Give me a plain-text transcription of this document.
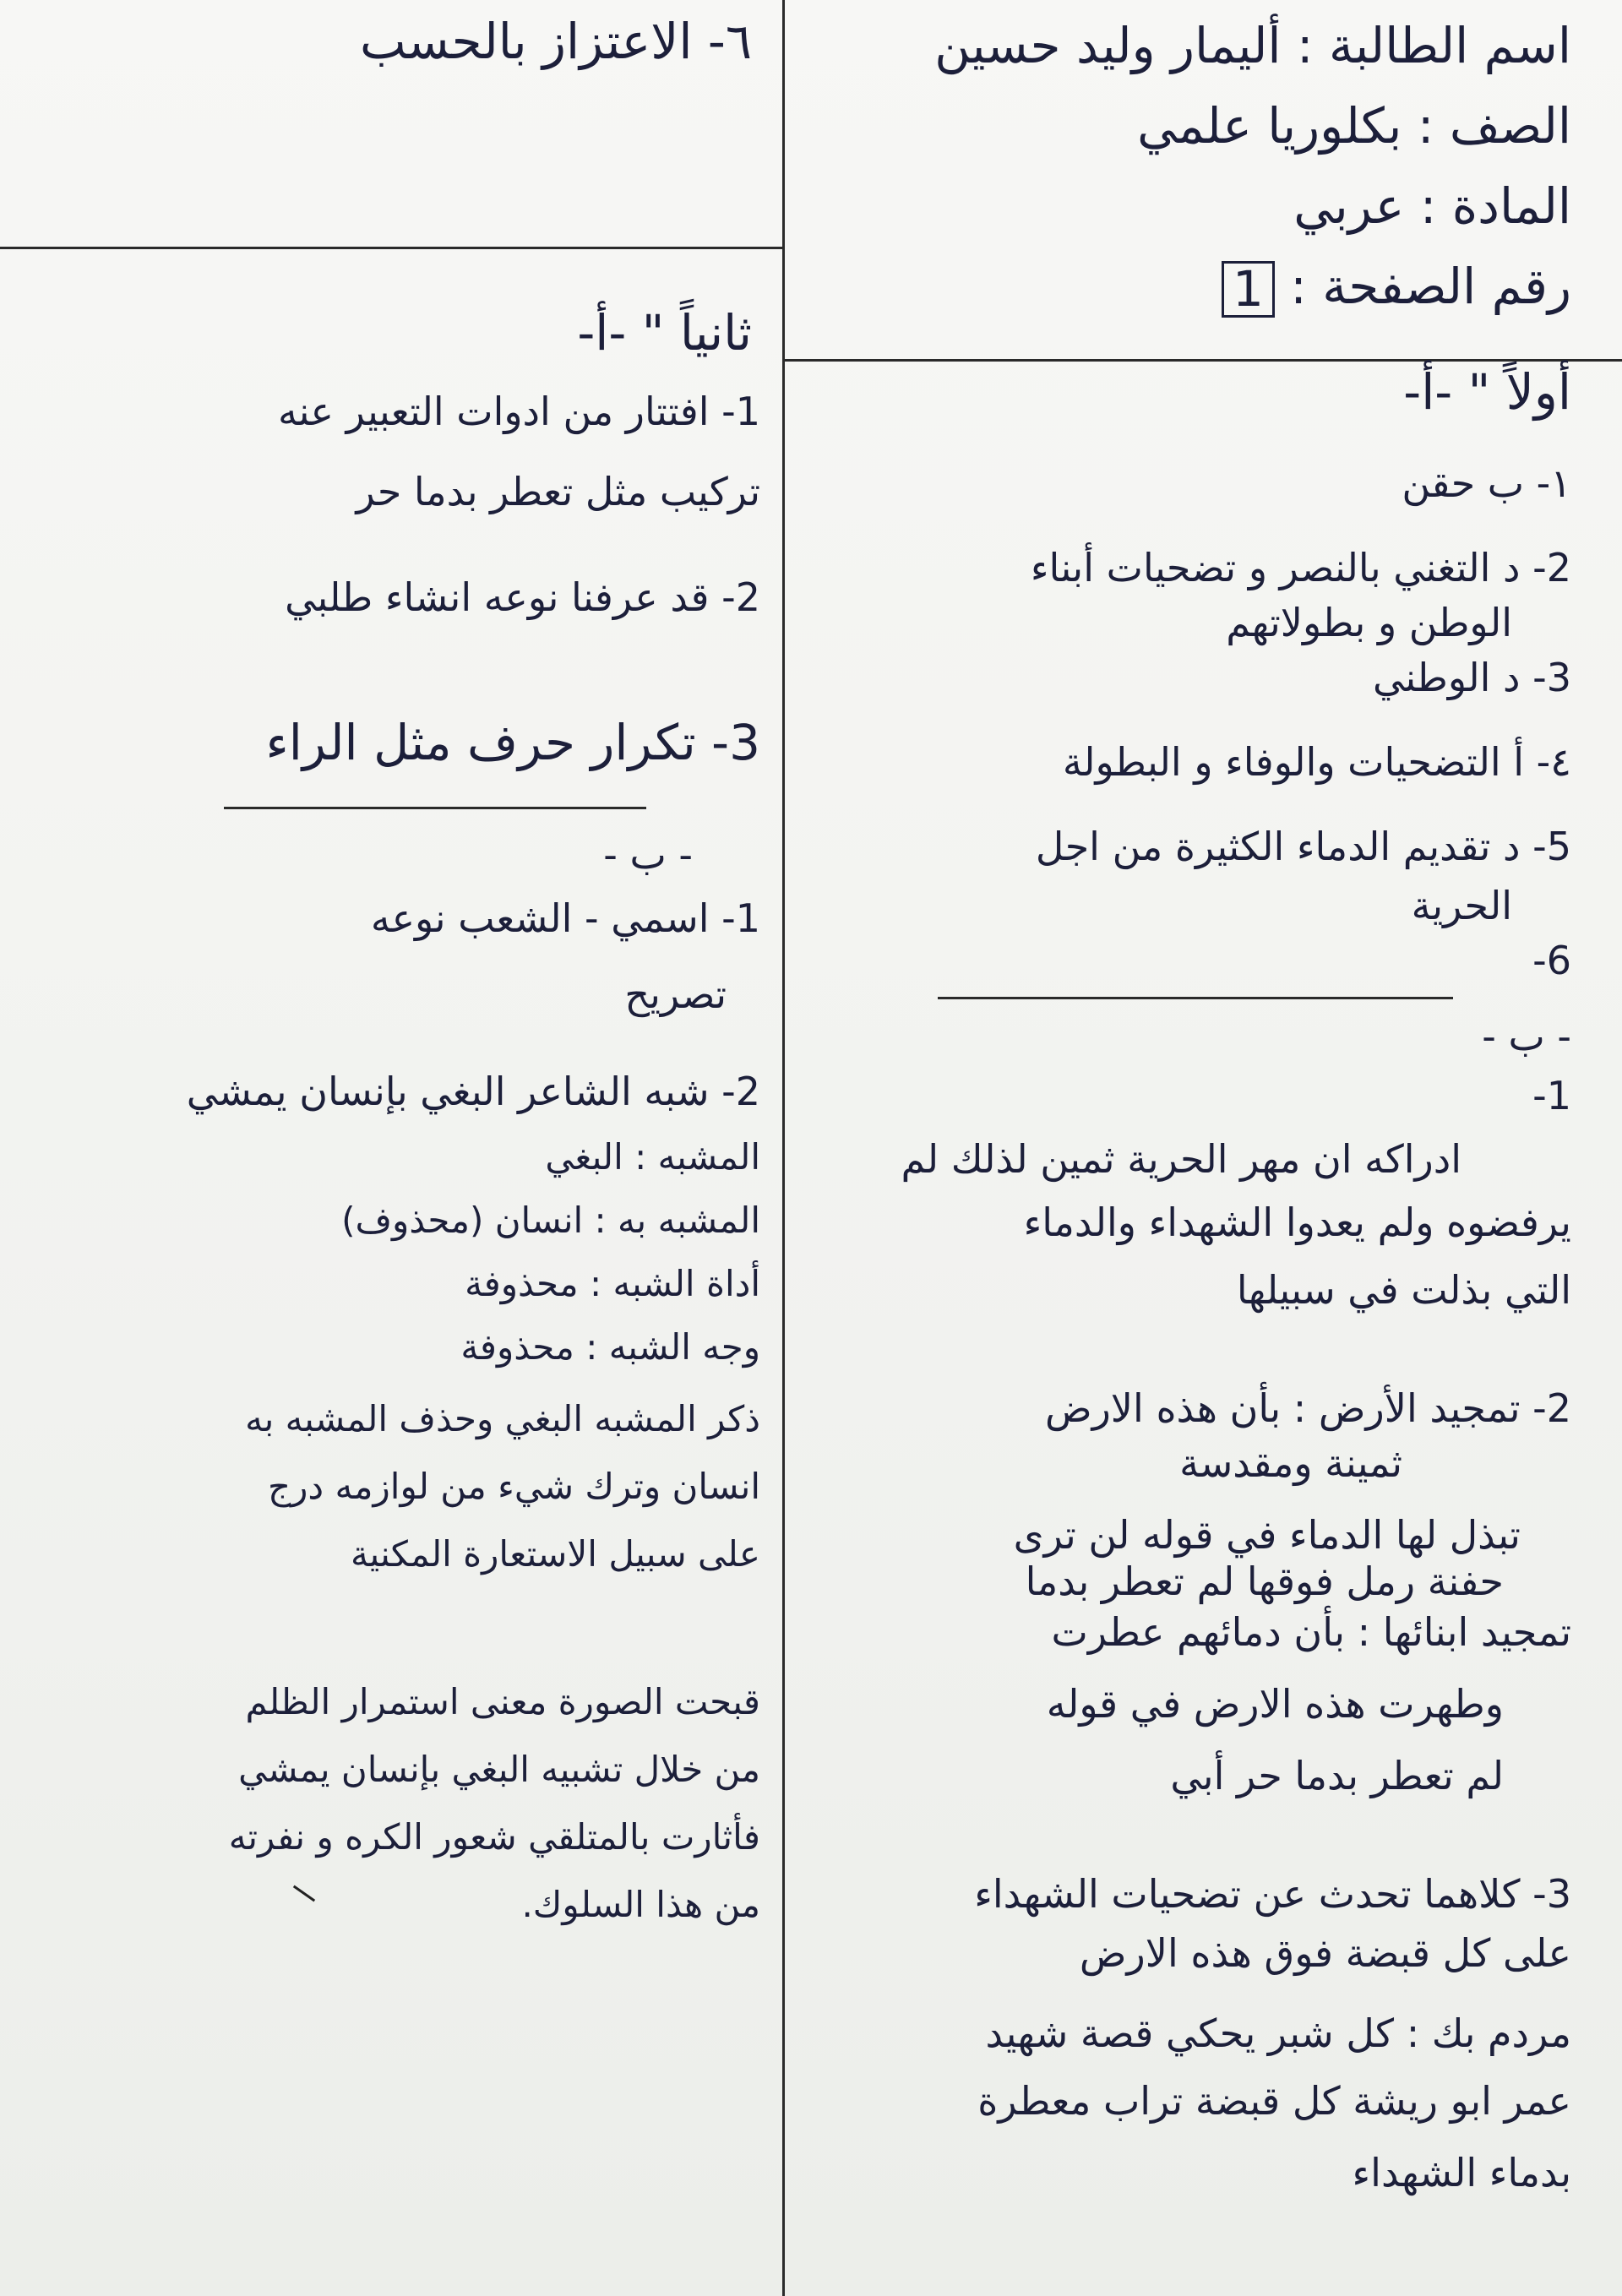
اسم الطالبة : أليمار وليد حسين
الصف : بكلوريا علمي
المادة : عربي
رقم الصفحة : 1
٦- الاعتزاز بالحسب
أولاً " -أ-
١- ب حقن
2- د التغني بالنصر و تضحيات أبناء
الوطن و بطولاتهم
3- د الوطني
٤- أ التضحيات والوفاء و البطولة
5- د تقديم الدماء الكثيرة من اجل
الحرية
6-
- ب -
1-
ادراكه ان مهر الحرية ثمين لذلك لم
يرفضوه ولم يعدوا الشهداء والدماء
التي بذلت في سبيلها
2- تمجيد الأرض : بأن هذه الارض
ثمينة ومقدسة
تبذل لها الدماء في قوله لن ترى
حفنة رمل فوقها لم تعطر بدما
تمجيد ابنائها : بأن دمائهم عطرت
وطهرت هذه الارض في قوله
لم تعطر بدما حر أبي
3- كلاهما تحدث عن تضحيات الشهداء
على كل قبضة فوق هذه الارض
مردم بك : كل شبر يحكي قصة شهيد
عمر ابو ريشة كل قبضة تراب معطرة
بدماء الشهداء
ثانياً " -أ-
1- افتتار من ادوات التعبير عنه
تركيب مثل تعطر بدما حر
2- قد عرفنا نوعه انشاء طلبي
3- تكرار حرف مثل الراء
- ب -
1- اسمي - الشعب نوعه
تصريح
2- شبه الشاعر البغي بإنسان يمشي
المشبه : البغي
المشبه به : انسان (محذوف)
أداة الشبه : محذوفة
وجه الشبه : محذوفة
ذكر المشبه البغي وحذف المشبه به
انسان وترك شيء من لوازمه درج
على سبيل الاستعارة المكنية
قبحت الصورة معنى استمرار الظلم
من خلال تشبيه البغي بإنسان يمشي
فأثارت بالمتلقي شعور الكره و نفرته
من هذا السلوك.
